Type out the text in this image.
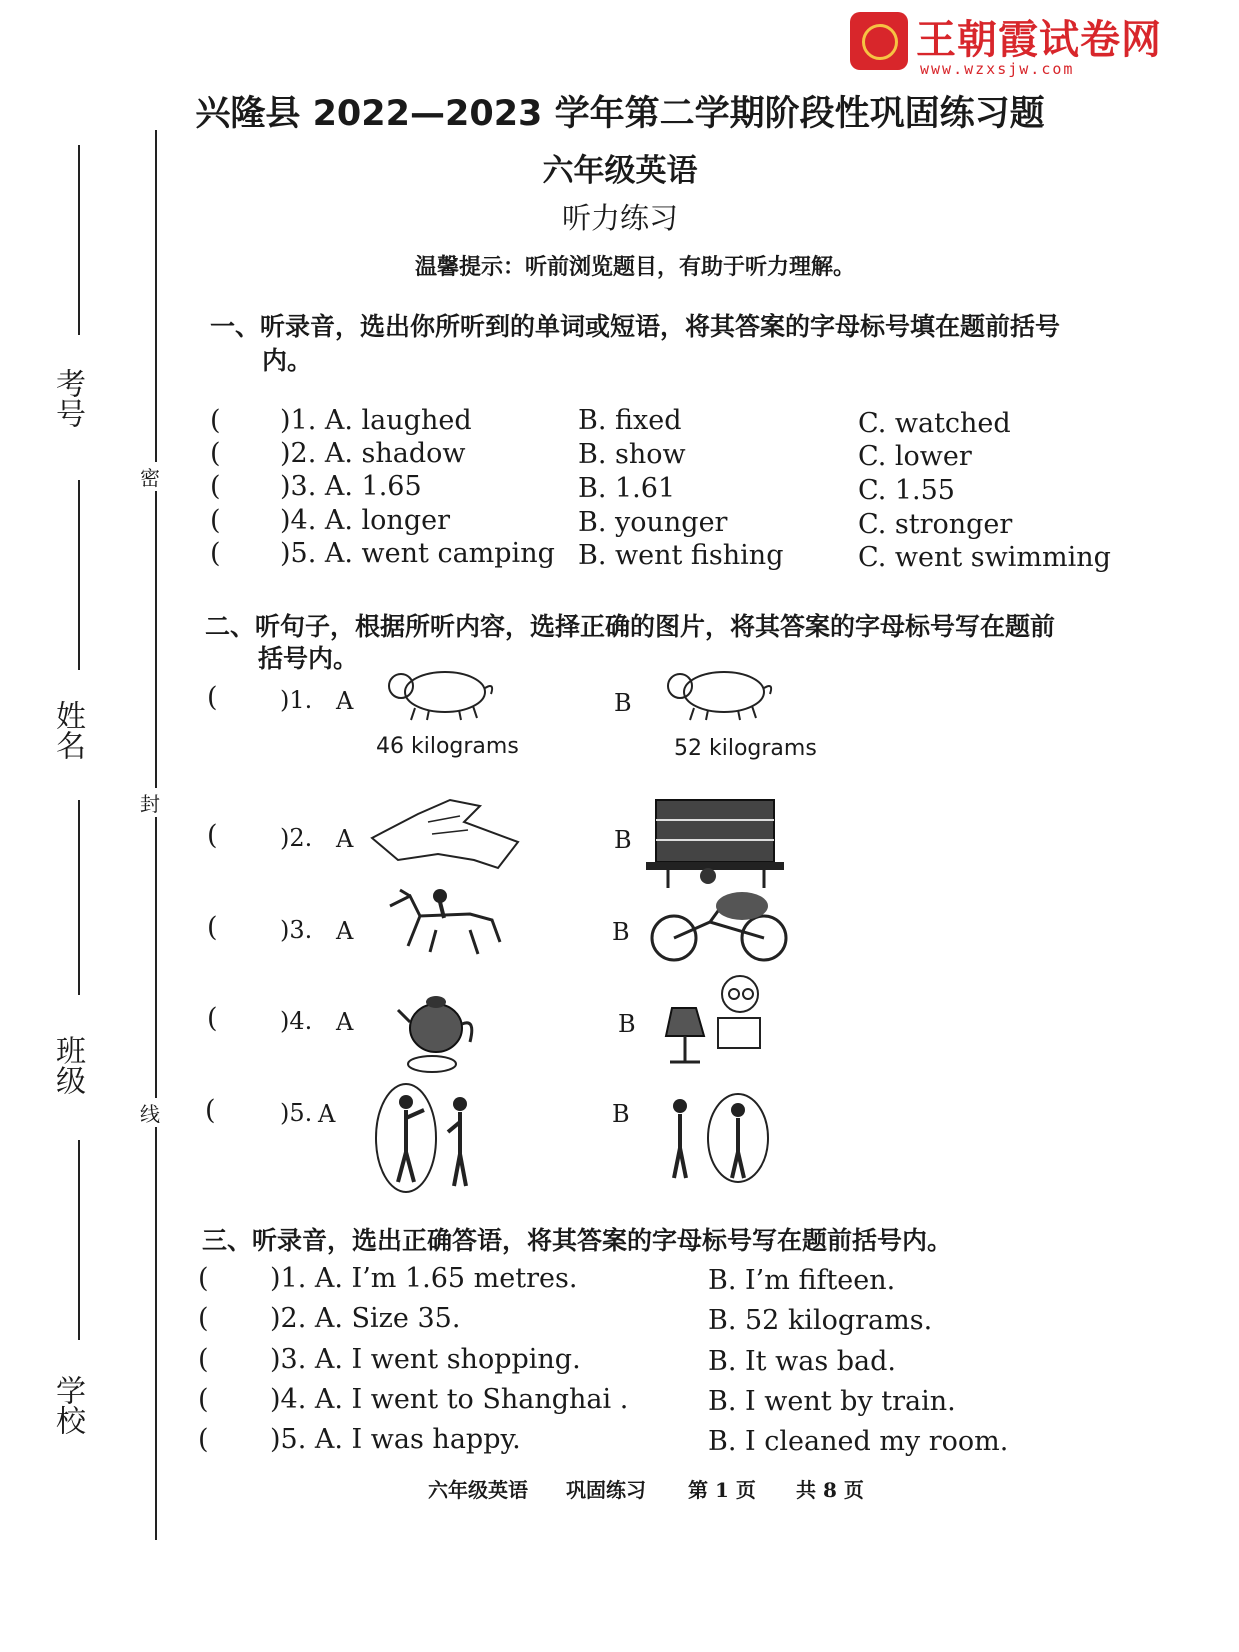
王朝霞试卷网
www.wzxsjw.com
考号
姓名
班级
学校
密
封
线
兴隆县 2022—2023 学年第二学期阶段性巩固练习题
六年级英语
听力练习
温馨提示：听前浏览题目，有助于听力理解。
一、听录音，选出你所听到的单词或短语，将其答案的字母标号填在题前括号
内。
( )1. A. laughed	B. fixed	C. watched
( )2. A. shadow	B. show	C. lower
( )3. A. 1.65	B. 1.61	C. 1.55
( )4. A. longer	B. younger	C. stronger
( )5. A. went camping B. went fishing	C. went swimming
二、听句子，根据所听内容，选择正确的图片，将其答案的字母标号写在题前
括号内。
(	)1. A
46 kilograms
B
52 kilograms
(	)2. A	B
(	)3. A	B
(	)4. A	B
(	)5. A	B
三、听录音，选出正确答语，将其答案的字母标号写在题前括号内。
( )1. A. I’m 1.65 metres.	B. I’m fifteen.
( )2. A. Size 35.	B. 52 kilograms.
( )3. A. I went shopping.	B. It was bad.
( )4. A. I went to Shanghai .	B. I went by train.
( )5. A. I was happy.	B. I cleaned my room.
六年级英语 巩固练习 第 1 页 共 8 页
